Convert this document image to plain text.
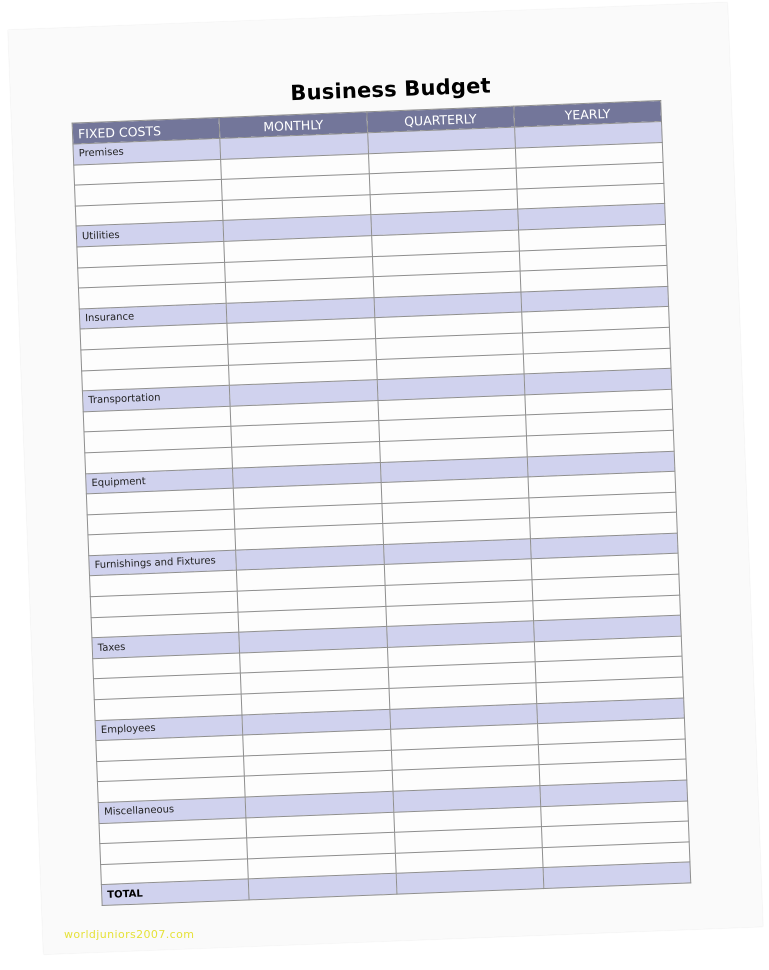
Business Budget
FIXED COSTS	MONTHLY	QUARTERLY	YEARLY
Premises			

Utilities			

Insurance			

Transportation			

Equipment			

Furnishings and Fixtures			

Taxes			

Employees			

Miscellaneous			

TOTAL			
worldjuniors2007.com
